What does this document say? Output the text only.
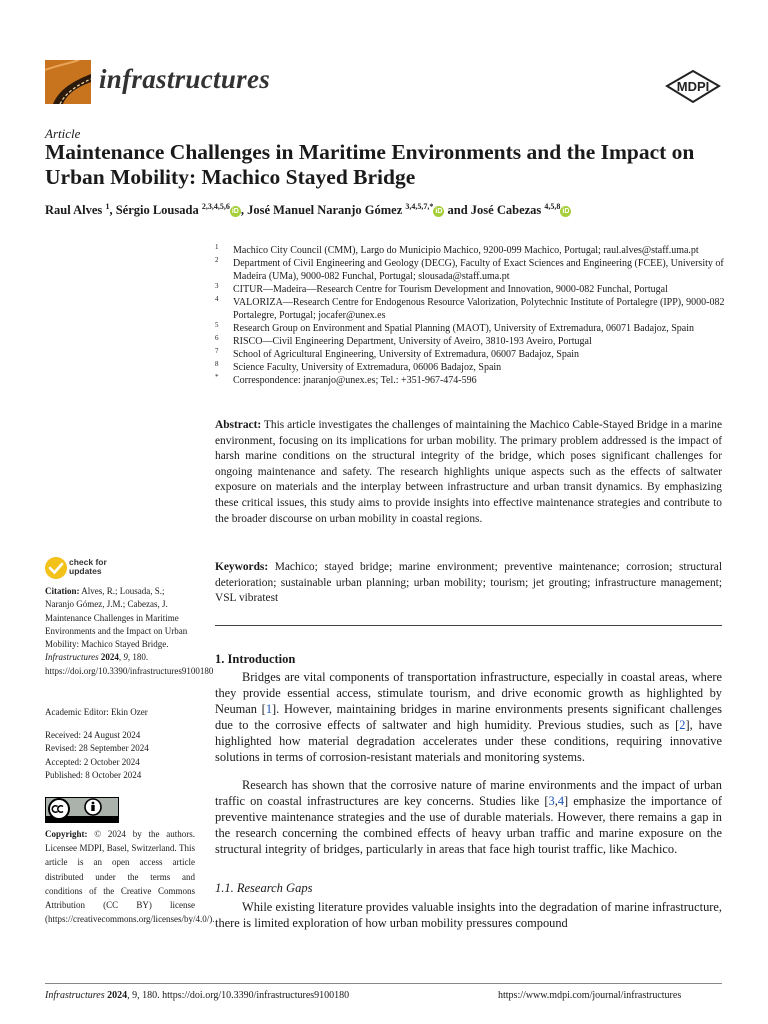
infrastructures	MDPI
Article
Maintenance Challenges in Maritime Environments and the Impact on Urban Mobility: Machico Stayed Bridge
Raul Alves $^1$, Sérgio Lousada $^{2,3,4,5,6}$iD , José Manuel Naranjo Gómez $^{3,4,5,7,*}$iD and José Cabezas $^{4,5,8}$iD
1 Machico City Council (CMM), Largo do Municipio Machico, 9200-099 Machico, Portugal; raul.alves@staff.uma.pt
2 Department of Civil Engineering and Geology (DECG), Faculty of Exact Sciences and Engineering (FCEE), University of Madeira (UMa), 9000-082 Funchal, Portugal; slousada@staff.uma.pt
3 CITUR—Madeira—Research Centre for Tourism Development and Innovation, 9000-082 Funchal, Portugal
4 VALORIZA—Research Centre for Endogenous Resource Valorization, Polytechnic Institute of Portalegre (IPP), 9000-082 Portalegre, Portugal; jocafer@unex.es
5 Research Group on Environment and Spatial Planning (MAOT), University of Extremadura, 06071 Badajoz, Spain
6 RISCO—Civil Engineering Department, University of Aveiro, 3810-193 Aveiro, Portugal
7 School of Agricultural Engineering, University of Extremadura, 06007 Badajoz, Spain
8 Science Faculty, University of Extremadura, 06006 Badajoz, Spain
* Correspondence: jnaranjo@unex.es; Tel.: +351-967-474-596
Abstract: This article investigates the challenges of maintaining the Machico Cable-Stayed Bridge in a marine environment, focusing on its implications for urban mobility. The primary problem addressed is the impact of harsh marine conditions on the structural integrity of the bridge, which poses significant challenges for ongoing maintenance and safety. The research highlights unique aspects such as the effects of saltwater exposure on materials and the interplay between infrastructure and urban transit dynamics. By emphasizing these critical issues, this study aims to provide insights into effective maintenance strategies and contribute to the broader discourse on urban mobility in coastal regions.
Keywords: Machico; stayed bridge; marine environment; preventive maintenance; corrosion; structural deterioration; sustainable urban planning; urban mobility; tourism; jet grouting; infrastructure management; VSL vibratest
1. Introduction
Bridges are vital components of transportation infrastructure, especially in coastal areas, where they provide essential access, stimulate tourism, and drive economic growth as highlighted by Neuman [1]. However, maintaining bridges in marine environments presents significant challenges due to the corrosive effects of saltwater and high humidity. Previous studies, such as [2], have highlighted how material degradation accelerates under these conditions, requiring innovative solutions in terms of corrosion-resistant materials and monitoring systems.
Research has shown that the corrosive nature of marine environments and the impact of urban traffic on coastal infrastructures are key concerns. Studies like [3,4] emphasize the importance of preventive maintenance strategies and the use of durable materials. However, there remains a gap in the research concerning the combined effects of heavy urban traffic and marine exposure on the structural integrity of bridges, particularly in areas that face high tourist traffic, like Machico.
1.1. Research Gaps
While existing literature provides valuable insights into the degradation of marine infrastructure, there is limited exploration of how urban mobility pressures compound
check for
updates
Citation: Alves, R.; Lousada, S.; Naranjo Gómez, J.M.; Cabezas, J. Maintenance Challenges in Maritime Environments and the Impact on Urban Mobility: Machico Stayed Bridge. Infrastructures 2024, 9, 180. https://doi.org/10.3390/infrastructures9100180
Academic Editor: Ekin Ozer
Received: 24 August 2024
Revised: 28 September 2024
Accepted: 2 October 2024
Published: 8 October 2024
Copyright: © 2024 by the authors. Licensee MDPI, Basel, Switzerland. This article is an open access article distributed under the terms and conditions of the Creative Commons Attribution (CC BY) license (https://creativecommons.org/licenses/by/4.0/).
Infrastructures 2024, 9, 180. https://doi.org/10.3390/infrastructures9100180	https://www.mdpi.com/journal/infrastructures
